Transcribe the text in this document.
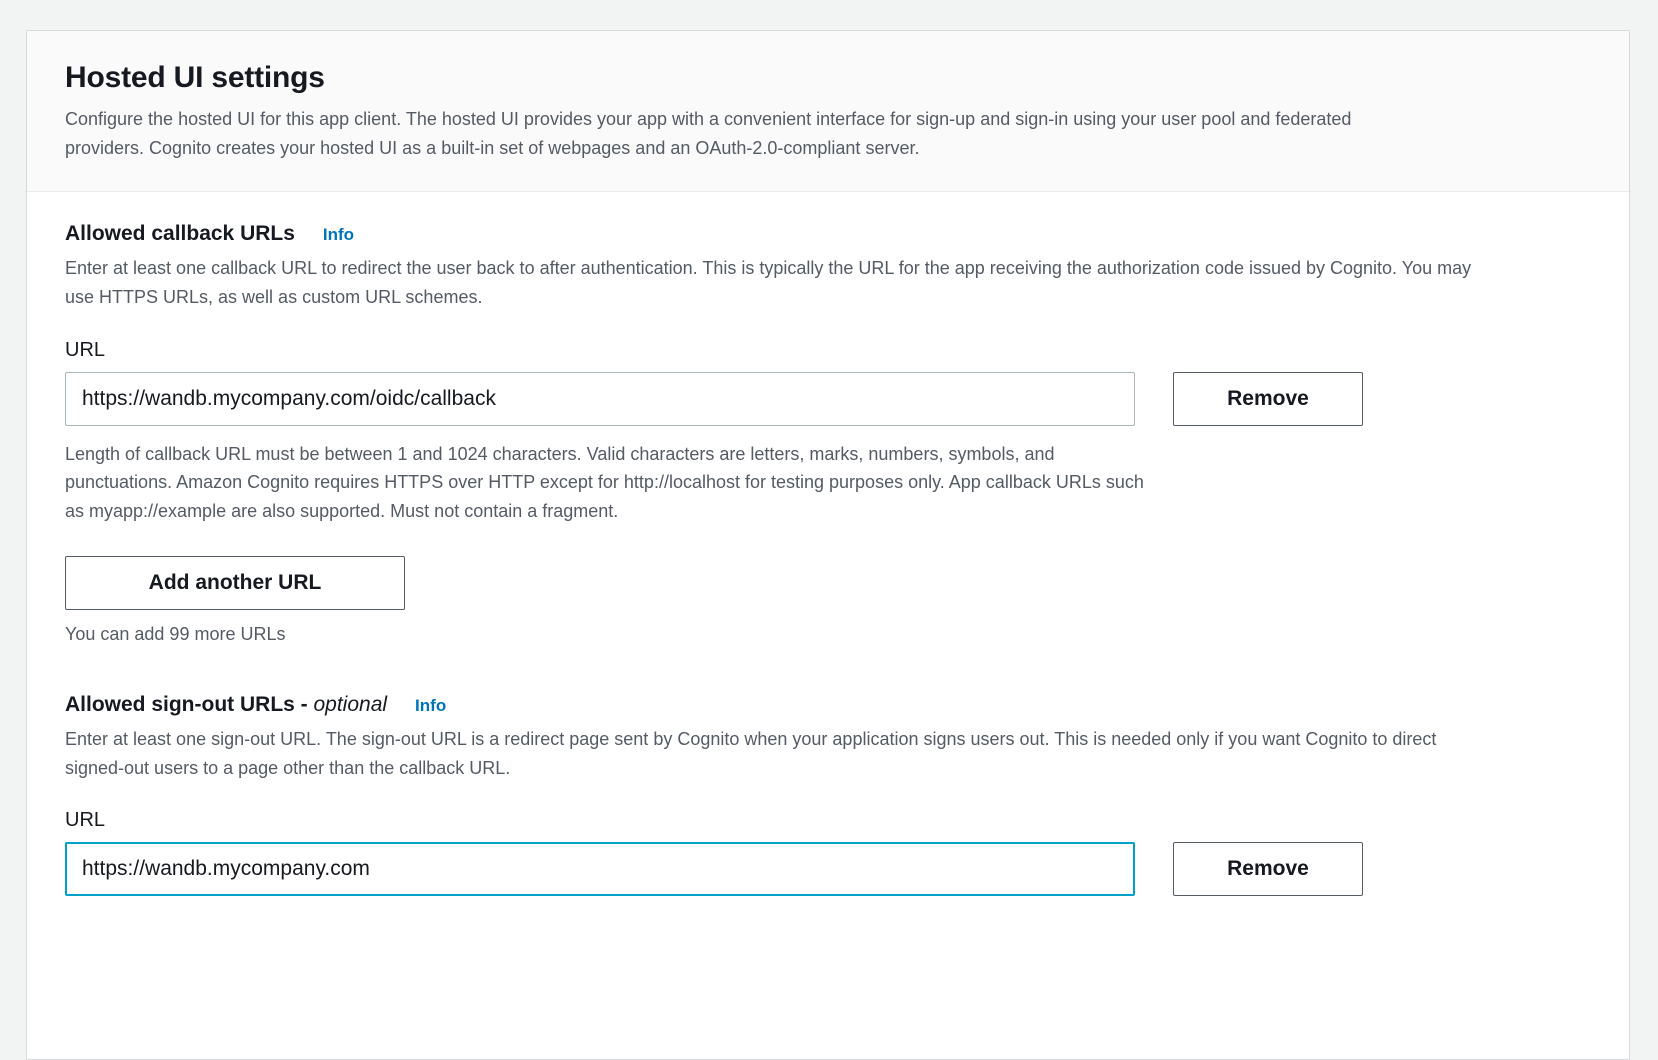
Hosted UI settings

Configure the hosted UI for this app client. The hosted UI provides your app with a convenient interface for sign-up and sign-in using your user pool and federated providers. Cognito creates your hosted UI as a built-in set of webpages and an OAuth-2.0-compliant server.

Allowed callback URLs Info

Enter at least one callback URL to redirect the user back to after authentication. This is typically the URL for the app receiving the authorization code issued by Cognito. You may use HTTPS URLs, as well as custom URL schemes.

URL
https://wandb.mycompany.com/oidc/callback
Remove

Length of callback URL must be between 1 and 1024 characters. Valid characters are letters, marks, numbers, symbols, and punctuations. Amazon Cognito requires HTTPS over HTTP except for http://localhost for testing purposes only. App callback URLs such as myapp://example are also supported. Must not contain a fragment.

Add another URL

You can add 99 more URLs

Allowed sign-out URLs - optional Info

Enter at least one sign-out URL. The sign-out URL is a redirect page sent by Cognito when your application signs users out. This is needed only if you want Cognito to direct signed-out users to a page other than the callback URL.

URL
https://wandb.mycompany.com
Remove
